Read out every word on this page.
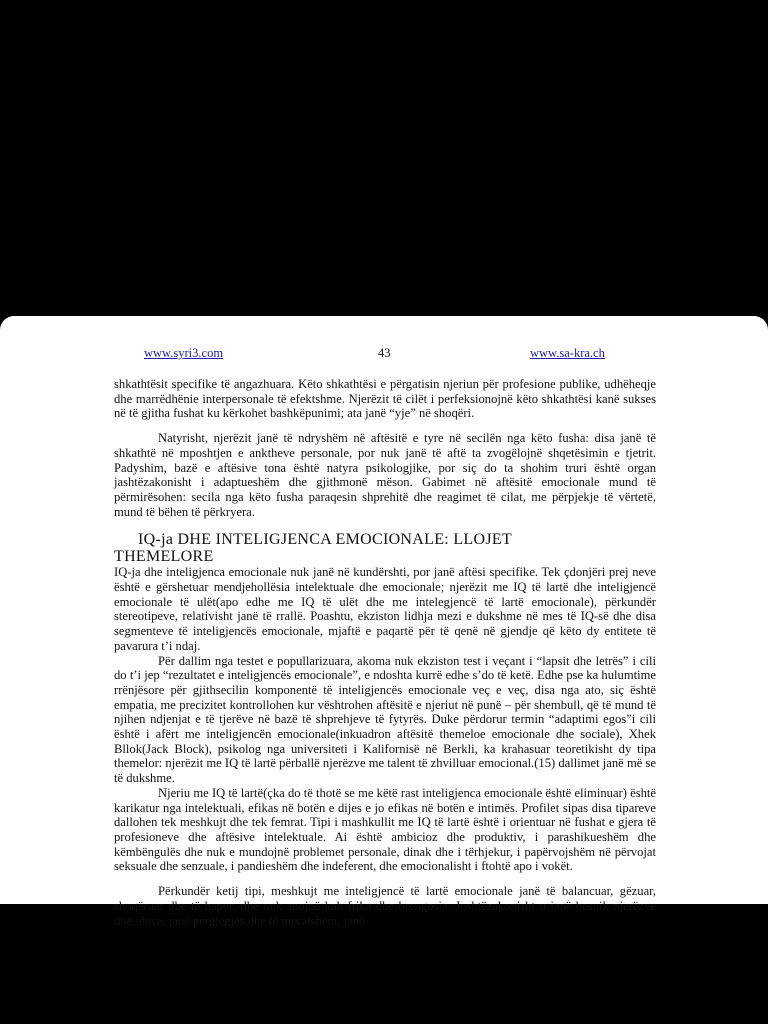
www.syri3.com	43	www.sa-kra.ch

shkathtësit specifike të angazhuara. Këto shkathtësi e përgatisin njeriun për profesione publike, udhëheqje dhe marrëdhënie interpersonale të efektshme. Njerëzit të cilët i perfeksionojnë këto shkathtësi kanë sukses në të gjitha fushat ku kërkohet bashkëpunimi; ata janë “yje” në shoqëri.

Natyrisht, njerëzit janë të ndryshëm në aftësitë e tyre në secilën nga këto fusha: disa janë të shkathtë në mposhtjen e anktheve personale, por nuk janë të aftë ta zvogëlojnë shqetësimin e tjetrit. Padyshim, bazë e aftësive tona është natyra psikologjike, por siç do ta shohim truri është organ jashtëzakonisht i adaptueshëm dhe gjithmonë mëson. Gabimet në aftësitë emocionale mund të përmirësohen: secila nga këto fusha paraqesin shprehitë dhe reagimet të cilat, me përpjekje të vërtetë, mund të bëhen të përkryera.

IQ-ja DHE INTELIGJENCA EMOCIONALE: LLOJET
THEMELORE

IQ-ja dhe inteligjenca emocionale nuk janë në kundërshti, por janë aftësi specifike. Tek çdonjëri prej neve është e gërshetuar mendjehollësia intelektuale dhe emocionale; njerëzit me IQ të lartë dhe inteligjencë emocionale të ulët(apo edhe me IQ të ulët dhe me intelegjencë të lartë emocionale), përkundër stereotipeve, relativisht janë të rrallë. Poashtu, ekziston lidhja mezi e dukshme në mes të IQ-së dhe disa segmenteve të inteligjencës emocionale, mjaftë e paqartë për të qenë në gjendje që këto dy entitete të pavarura t’i ndaj.

Për dallim nga testet e popullarizuara, akoma nuk ekziston test i veçant i “lapsit dhe letrës” i cili do t’i jep “rezultatet e inteligjencës emocionale”, e ndoshta kurrë edhe s’do të ketë. Edhe pse ka hulumtime rrënjësore për gjithsecilin komponentë të inteligjencës emocionale veç e veç, disa nga ato, siç është empatia, me precizitet kontrollohen kur vështrohen aftësitë e njeriut në punë – për shembull, që të mund të njihen ndjenjat e të tjerëve në bazë të shprehjeve të fytyrës. Duke përdorur termin “adaptimi egos”i cili është i afërt me inteligjencën emocionale(inkuadron aftësitë themeloe emocionale dhe sociale), Xhek Bllok(Jack Block), psikolog nga universiteti i Kalifornisë në Berkli, ka krahasuar teoretikisht dy tipa themelor: njerëzit me IQ të lartë përballë njerëzve me talent të zhvilluar emocional.(15) dallimet janë më se të dukshme.

Njeriu me IQ të lartë(çka do të thotë se me këtë rast inteligjenca emocionale është eliminuar) është karikatur nga intelektuali, efikas në botën e dijes e jo efikas në botën e intimës. Profilet sipas disa tipareve dallohen tek meshkujt dhe tek femrat. Tipi i mashkullit me IQ të lartë është i orientuar në fushat e gjera të profesioneve dhe aftësive intelektuale. Ai është ambicioz dhe produktiv, i parashikueshëm dhe këmbëngulës dhe nuk e mundojnë problemet personale, dinak dhe i tërhjekur, i papërvojshëm në përvojat seksuale dhe senzuale, i pandieshëm dhe indeferent, dhe emocionalisht i ftohtë apo i vokët.

Përkundër ketij tipi, meshkujt me inteligjencë të lartë emocionale janë të balancuar, gëzuar, shoqëruar dhe të hapur, dhe nuk anojnë kah frika dhe brengosja. Joshtëzakonisht u janë besnik njerëzve dhe ideve, janë përgjegjës dhe të moralshëm, janë
